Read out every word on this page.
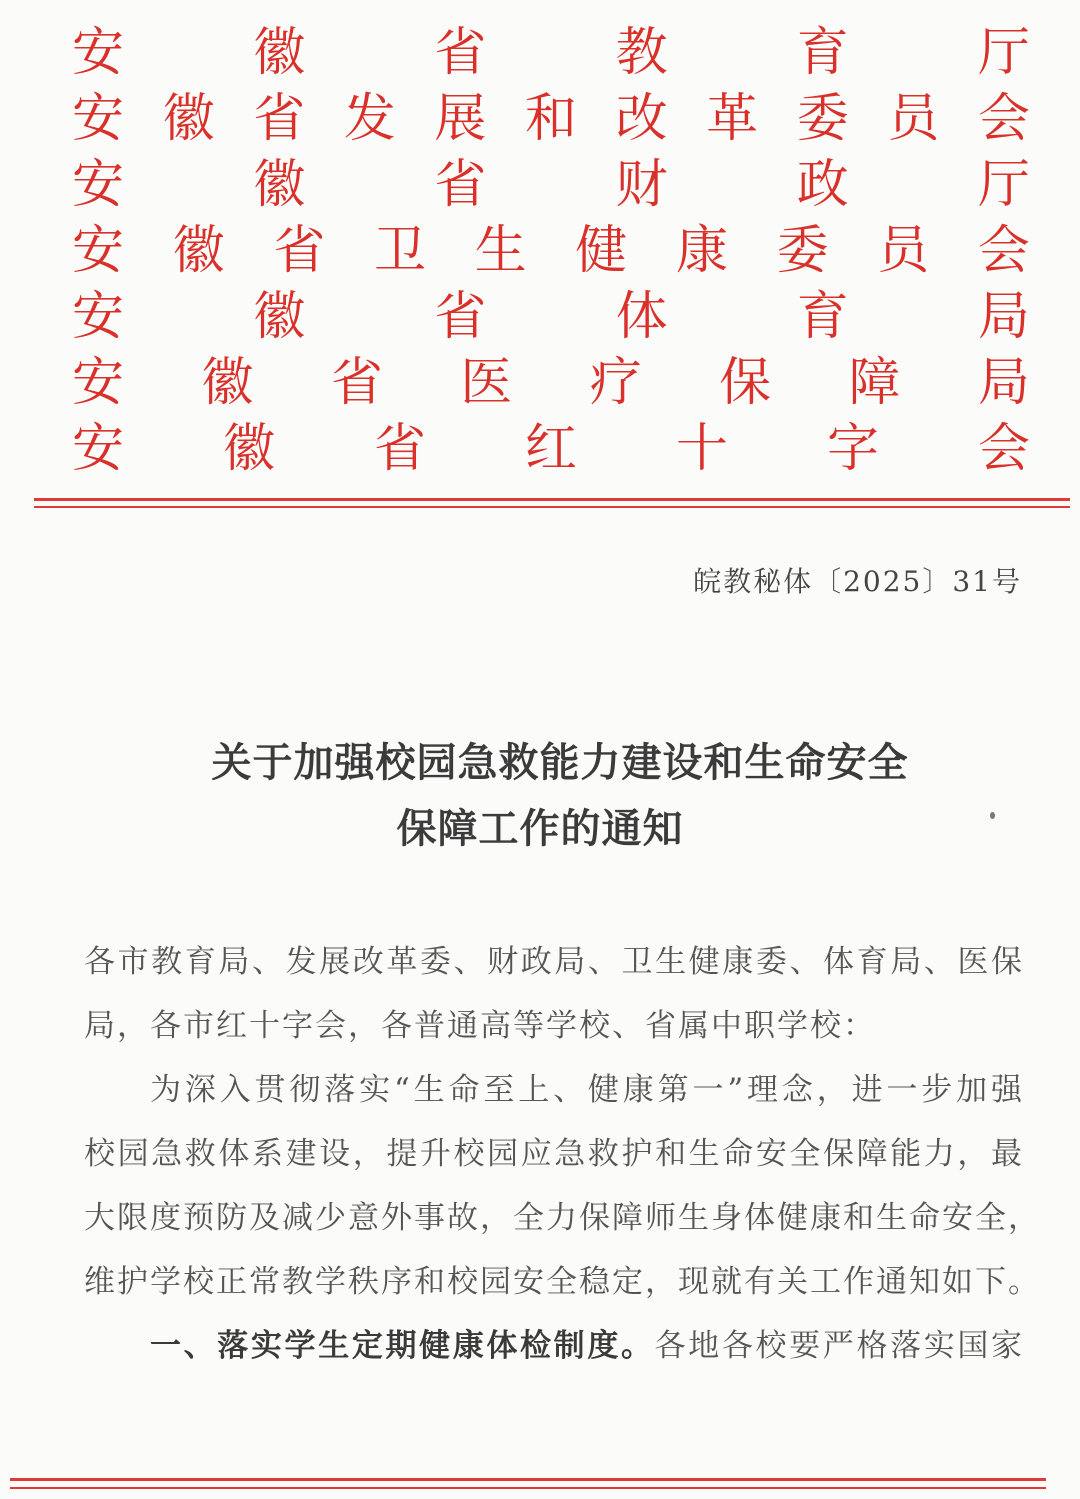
安 徽 省 教 育 厅
安 徽 省 发 展 和 改 革 委 员 会
安 徽 省 财 政 厅
安 徽 省 卫 生 健 康 委 员 会
安 徽 省 体 育 局
安 徽 省 医 疗 保 障 局
安 徽 省 红 十 字 会
皖教秘体〔2025〕31号
关于加强校园急救能力建设和生命安全
保障工作的通知

各市教育局、发展改革委、财政局、卫生健康委、体育局、医保

局，各市红十字会，各普通高等学校、省属中职学校：

为深入贯彻落实“生命至上、健康第一”理念，进一步加强

校园急救体系建设，提升校园应急救护和生命安全保障能力，最

大限度预防及减少意外事故，全力保障师生身体健康和生命安全，

维护学校正常教学秩序和校园安全稳定，现就有关工作通知如下。

一、落实学生定期健康体检制度。各地各校要严格落实国家
